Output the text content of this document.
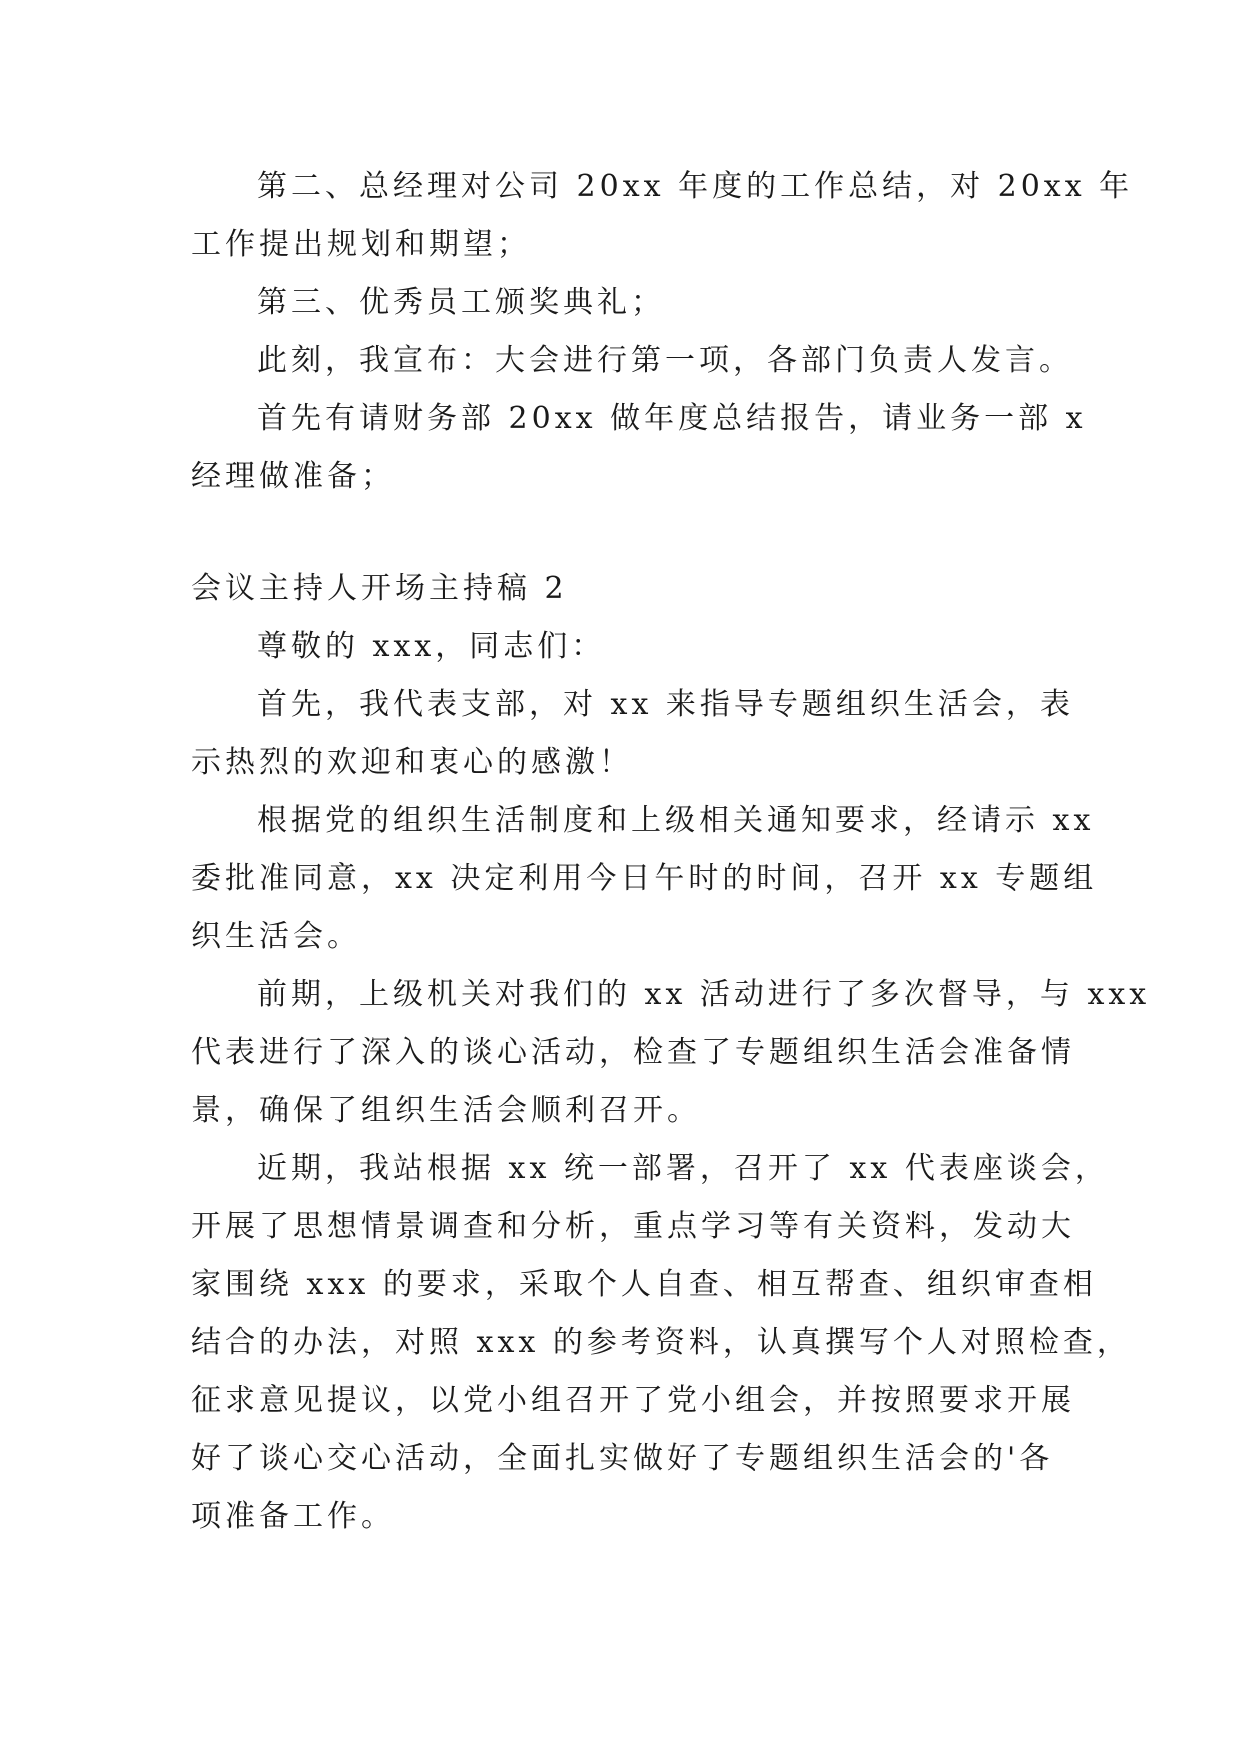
第二、总经理对公司 20xx 年度的工作总结，对 20xx 年
工作提出规划和期望；
第三、优秀员工颁奖典礼；
此刻，我宣布：大会进行第一项，各部门负责人发言。
首先有请财务部 20xx 做年度总结报告，请业务一部 x
经理做准备；
会议主持人开场主持稿 2
尊敬的 xxx，同志们：
首先，我代表支部，对 xx 来指导专题组织生活会，表
示热烈的欢迎和衷心的感激！
根据党的组织生活制度和上级相关通知要求，经请示 xx
委批准同意，xx 决定利用今日午时的时间，召开 xx 专题组
织生活会。
前期，上级机关对我们的 xx 活动进行了多次督导，与 xxx
代表进行了深入的谈心活动，检查了专题组织生活会准备情
景，确保了组织生活会顺利召开。
近期，我站根据 xx 统一部署，召开了 xx 代表座谈会，
开展了思想情景调查和分析，重点学习等有关资料，发动大
家围绕 xxx 的要求，采取个人自查、相互帮查、组织审查相
结合的办法，对照 xxx 的参考资料，认真撰写个人对照检查，
征求意见提议，以党小组召开了党小组会，并按照要求开展
好了谈心交心活动，全面扎实做好了专题组织生活会的'各
项准备工作。
